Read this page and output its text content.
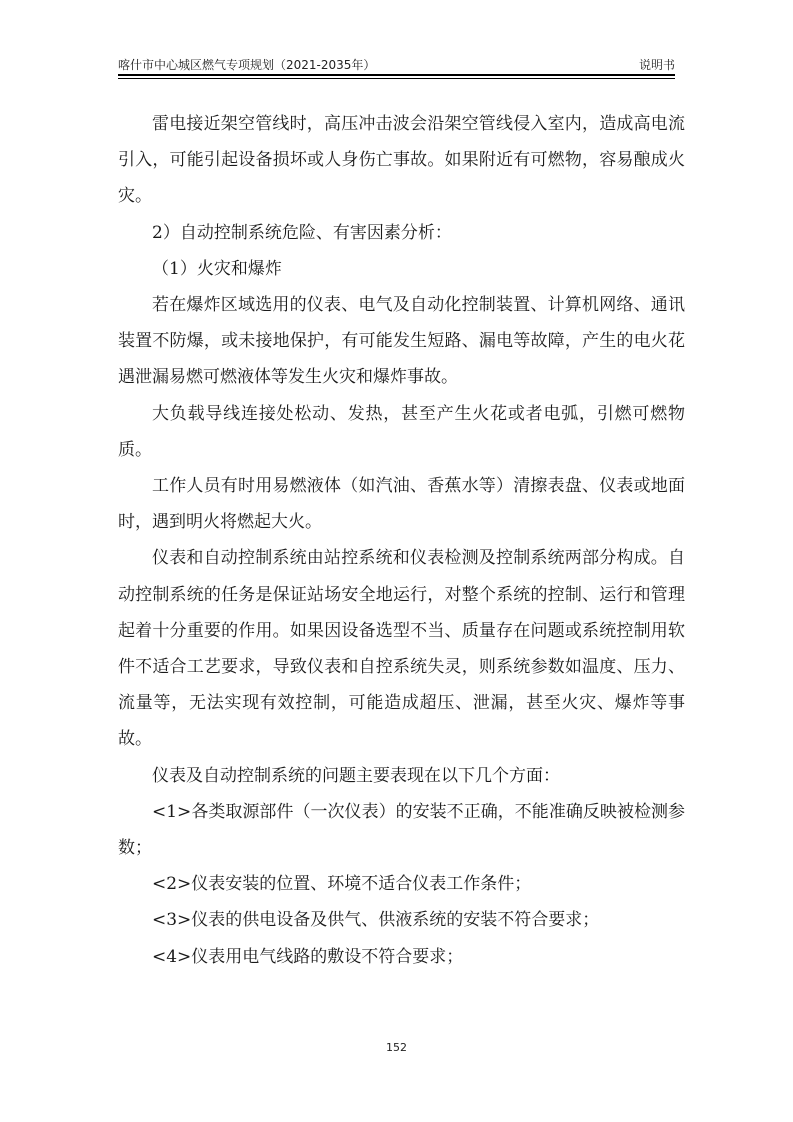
喀什市中心城区燃气专项规划（2021-2035年）	说明书

雷电接近架空管线时，高压冲击波会沿架空管线侵入室内，造成高电流引入，可能引起设备损坏或人身伤亡事故。如果附近有可燃物，容易酿成火灾。

2）自动控制系统危险、有害因素分析：

（1）火灾和爆炸

若在爆炸区域选用的仪表、电气及自动化控制装置、计算机网络、通讯装置不防爆，或未接地保护，有可能发生短路、漏电等故障，产生的电火花遇泄漏易燃可燃液体等发生火灾和爆炸事故。

大负载导线连接处松动、发热，甚至产生火花或者电弧，引燃可燃物质。

工作人员有时用易燃液体（如汽油、香蕉水等）清擦表盘、仪表或地面时，遇到明火将燃起大火。

仪表和自动控制系统由站控系统和仪表检测及控制系统两部分构成。自动控制系统的任务是保证站场安全地运行，对整个系统的控制、运行和管理起着十分重要的作用。如果因设备选型不当、质量存在问题或系统控制用软件不适合工艺要求，导致仪表和自控系统失灵，则系统参数如温度、压力、流量等，无法实现有效控制，可能造成超压、泄漏，甚至火灾、爆炸等事故。

仪表及自动控制系统的问题主要表现在以下几个方面：

<1>各类取源部件（一次仪表）的安装不正确，不能准确反映被检测参数；

<2>仪表安装的位置、环境不适合仪表工作条件；

<3>仪表的供电设备及供气、供液系统的安装不符合要求；

<4>仪表用电气线路的敷设不符合要求；

152
